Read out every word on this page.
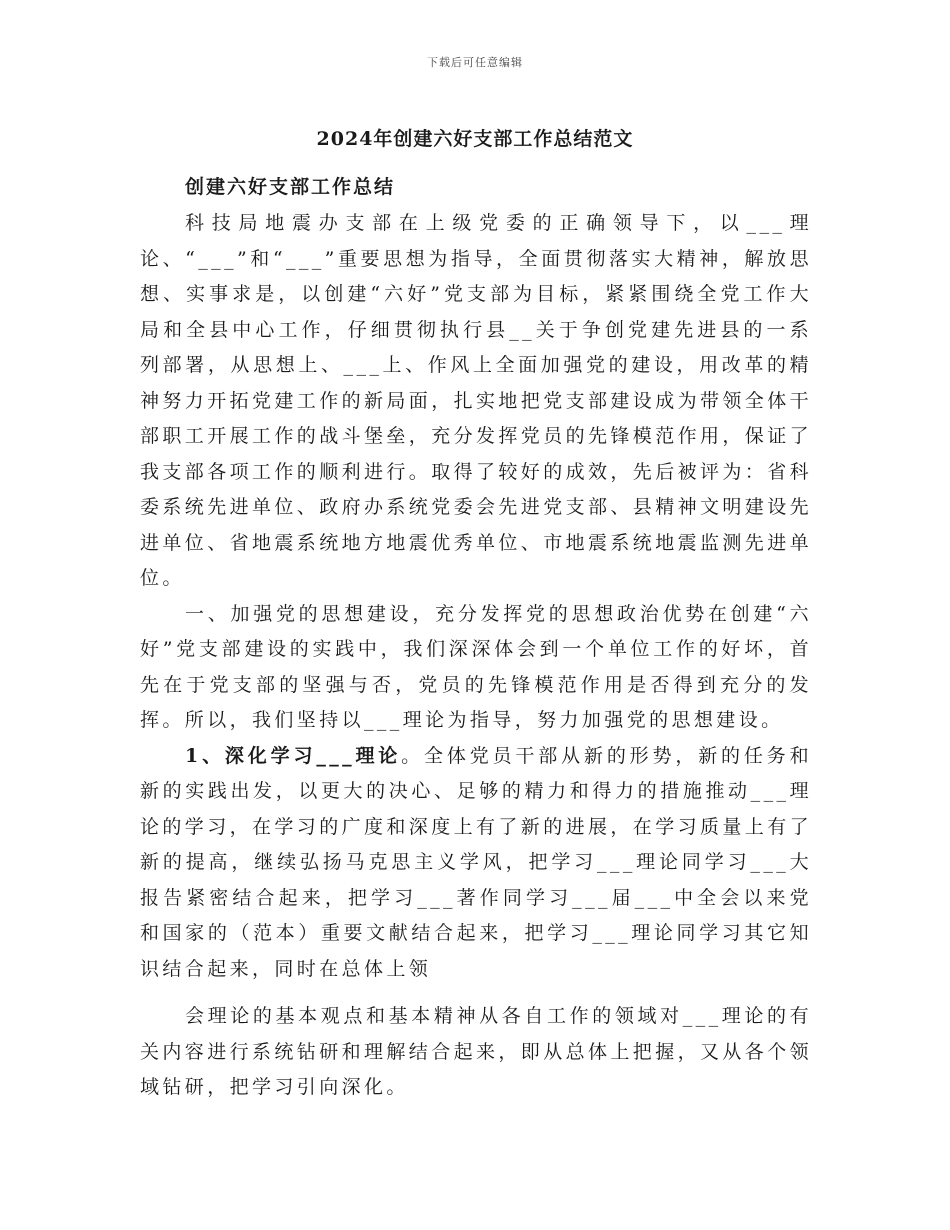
下载后可任意编辑
2024年创建六好支部工作总结范文

创建六好支部工作总结

科技局地震办支部在上级党委的正确领导下，以___理论、“___”和“___”重要思想为指导，全面贯彻落实大精神，解放思想、实事求是，以创建“六好”党支部为目标，紧紧围绕全党工作大局和全县中心工作，仔细贯彻执行县__关于争创党建先进县的一系列部署，从思想上、___上、作风上全面加强党的建设，用改革的精神努力开拓党建工作的新局面，扎实地把党支部建设成为带领全体干部职工开展工作的战斗堡垒，充分发挥党员的先锋模范作用，保证了我支部各项工作的顺利进行。取得了较好的成效，先后被评为：省科委系统先进单位、政府办系统党委会先进党支部、县精神文明建设先进单位、省地震系统地方地震优秀单位、市地震系统地震监测先进单位。

一、加强党的思想建设，充分发挥党的思想政治优势在创建“六好”党支部建设的实践中，我们深深体会到一个单位工作的好坏，首先在于党支部的坚强与否，党员的先锋模范作用是否得到充分的发挥。所以，我们坚持以___理论为指导，努力加强党的思想建设。

1、深化学习___理论。全体党员干部从新的形势，新的任务和新的实践出发，以更大的决心、足够的精力和得力的措施推动___理论的学习，在学习的广度和深度上有了新的进展，在学习质量上有了新的提高，继续弘扬马克思主义学风，把学习___理论同学习___大报告紧密结合起来，把学习___著作同学习___届___中全会以来党和国家的（范本）重要文献结合起来，把学习___理论同学习其它知识结合起来，同时在总体上领

会理论的基本观点和基本精神从各自工作的领域对___理论的有关内容进行系统钻研和理解结合起来，即从总体上把握，又从各个领域钻研，把学习引向深化。
